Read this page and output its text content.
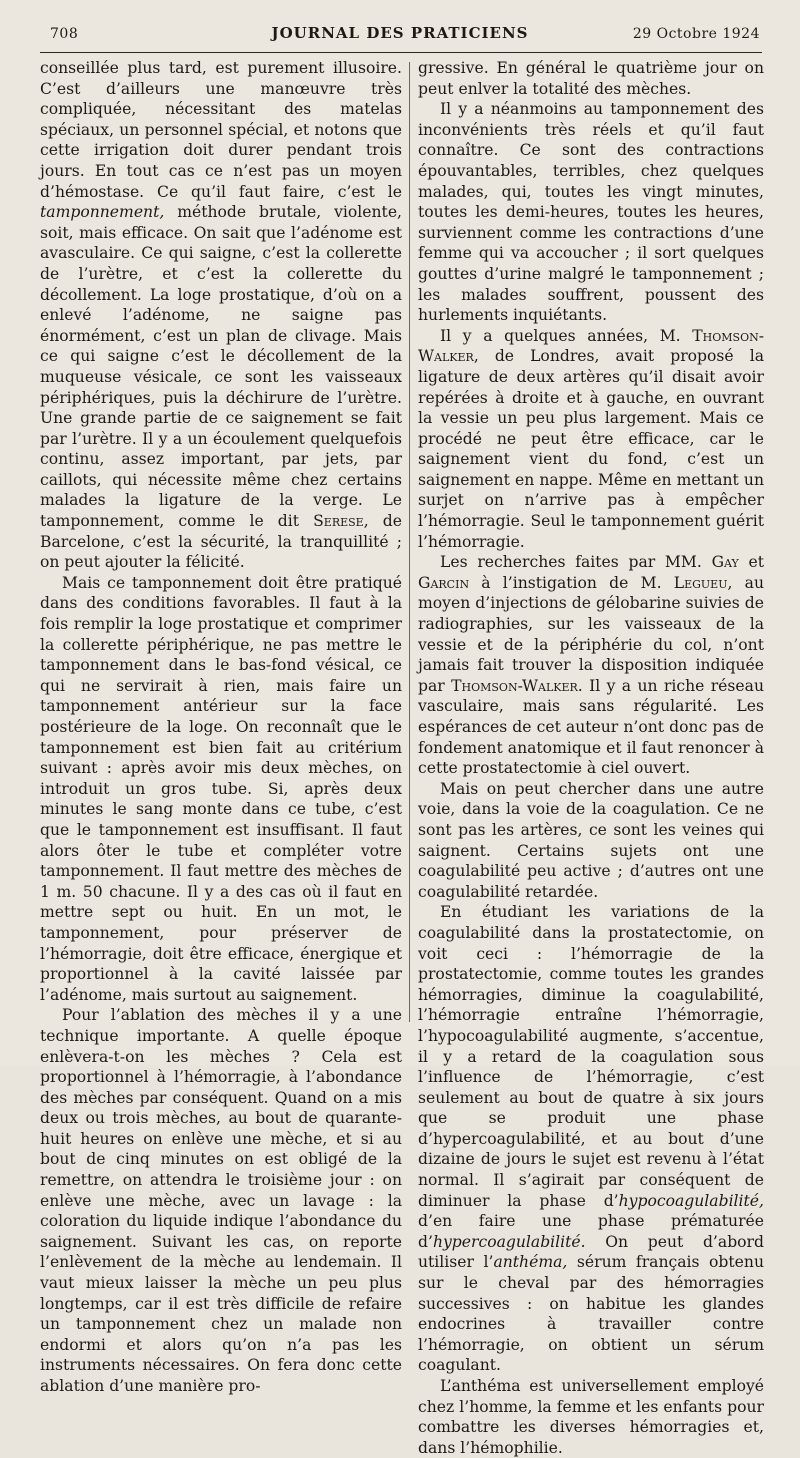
708	JOURNAL DES PRATICIENS	29 Octobre 1924

conseillée plus tard, est purement illusoire. C’est d’ailleurs une manœuvre très compliquée, nécessitant des matelas spéciaux, un personnel spécial, et notons que cette irrigation doit durer pendant trois jours. En tout cas ce n’est pas un moyen d’hémostase. Ce qu’il faut faire, c’est le tamponnement, méthode brutale, violente, soit, mais efficace. On sait que l’adénome est avasculaire. Ce qui saigne, c’est la collerette de l’urètre, et c’est la collerette du décollement. La loge prostatique, d’où on a enlevé l’adénome, ne saigne pas énormément, c’est un plan de clivage. Mais ce qui saigne c’est le décollement de la muqueuse vésicale, ce sont les vaisseaux périphériques, puis la déchirure de l’urètre. Une grande partie de ce saignement se fait par l’urètre. Il y a un écoulement quelquefois continu, assez important, par jets, par caillots, qui nécessite même chez certains malades la ligature de la verge. Le tamponnement, comme le dit Serese, de Barcelone, c’est la sécurité, la tranquillité ; on peut ajouter la félicité.

Mais ce tamponnement doit être pratiqué dans des conditions favorables. Il faut à la fois remplir la loge prostatique et comprimer la collerette périphérique, ne pas mettre le tamponnement dans le bas-fond vésical, ce qui ne servirait à rien, mais faire un tamponnement antérieur sur la face postérieure de la loge. On reconnaît que le tamponnement est bien fait au critérium suivant : après avoir mis deux mèches, on introduit un gros tube. Si, après deux minutes le sang monte dans ce tube, c’est que le tamponnement est insuffisant. Il faut alors ôter le tube et compléter votre tamponnement. Il faut mettre des mèches de 1 m. 50 chacune. Il y a des cas où il faut en mettre sept ou huit. En un mot, le tamponnement, pour préserver de l’hémorragie, doit être efficace, énergique et proportionnel à la cavité laissée par l’adénome, mais surtout au saignement.

Pour l’ablation des mèches il y a une technique importante. A quelle époque enlèvera-t-on les mèches ? Cela est proportionnel à l’hémorragie, à l’abondance des mèches par conséquent. Quand on a mis deux ou trois mèches, au bout de quarante-huit heures on enlève une mèche, et si au bout de cinq minutes on est obligé de la remettre, on attendra le troisième jour : on enlève une mèche, avec un lavage : la coloration du liquide indique l’abondance du saignement. Suivant les cas, on reporte l’enlèvement de la mèche au lendemain. Il vaut mieux laisser la mèche un peu plus longtemps, car il est très difficile de refaire un tamponnement chez un malade non endormi et alors qu’on n’a pas les instruments nécessaires. On fera donc cette ablation d’une manière pro-

gressive. En général le quatrième jour on peut enlver la totalité des mèches.

Il y a néanmoins au tamponnement des inconvénients très réels et qu’il faut connaître. Ce sont des contractions épouvantables, terribles, chez quelques malades, qui, toutes les vingt minutes, toutes les demi-heures, toutes les heures, surviennent comme les contractions d’une femme qui va accoucher ; il sort quelques gouttes d’urine malgré le tamponnement ; les malades souffrent, poussent des hurlements inquiétants.

Il y a quelques années, M. Thomson-Walker, de Londres, avait proposé la ligature de deux artères qu’il disait avoir repérées à droite et à gauche, en ouvrant la vessie un peu plus largement. Mais ce procédé ne peut être efficace, car le saignement vient du fond, c’est un saignement en nappe. Même en mettant un surjet on n’arrive pas à empêcher l’hémorragie. Seul le tamponnement guérit l’hémorragie.

Les recherches faites par MM. Gay et Garcin à l’instigation de M. Legueu, au moyen d’injections de gélobarine suivies de radiographies, sur les vaisseaux de la vessie et de la périphérie du col, n’ont jamais fait trouver la disposition indiquée par Thomson-Walker. Il y a un riche réseau vasculaire, mais sans régularité. Les espérances de cet auteur n’ont donc pas de fondement anatomique et il faut renoncer à cette prostatectomie à ciel ouvert.

Mais on peut chercher dans une autre voie, dans la voie de la coagulation. Ce ne sont pas les artères, ce sont les veines qui saignent. Certains sujets ont une coagulabilité peu active ; d’autres ont une coagulabilité retardée.

En étudiant les variations de la coagulabilité dans la prostatectomie, on voit ceci : l’hémorragie de la prostatectomie, comme toutes les grandes hémorragies, diminue la coagulabilité, l’hémorragie entraîne l’hémorragie, l’hypocoagulabilité augmente, s’accentue, il y a retard de la coagulation sous l’influence de l’hémorragie, c’est seulement au bout de quatre à six jours que se produit une phase d’hypercoagulabilité, et au bout d’une dizaine de jours le sujet est revenu à l’état normal. Il s’agirait par conséquent de diminuer la phase d’hypocoagulabilité, d’en faire une phase prématurée d’hypercoagulabilité. On peut d’abord utiliser l’anthéma, sérum français obtenu sur le cheval par des hémorragies successives : on habitue les glandes endocrines à travailler contre l’hémorragie, on obtient un sérum coagulant.

L’anthéma est universellement employé chez l’homme, la femme et les enfants pour combattre les diverses hémorragies et, dans l’hémophilie.
